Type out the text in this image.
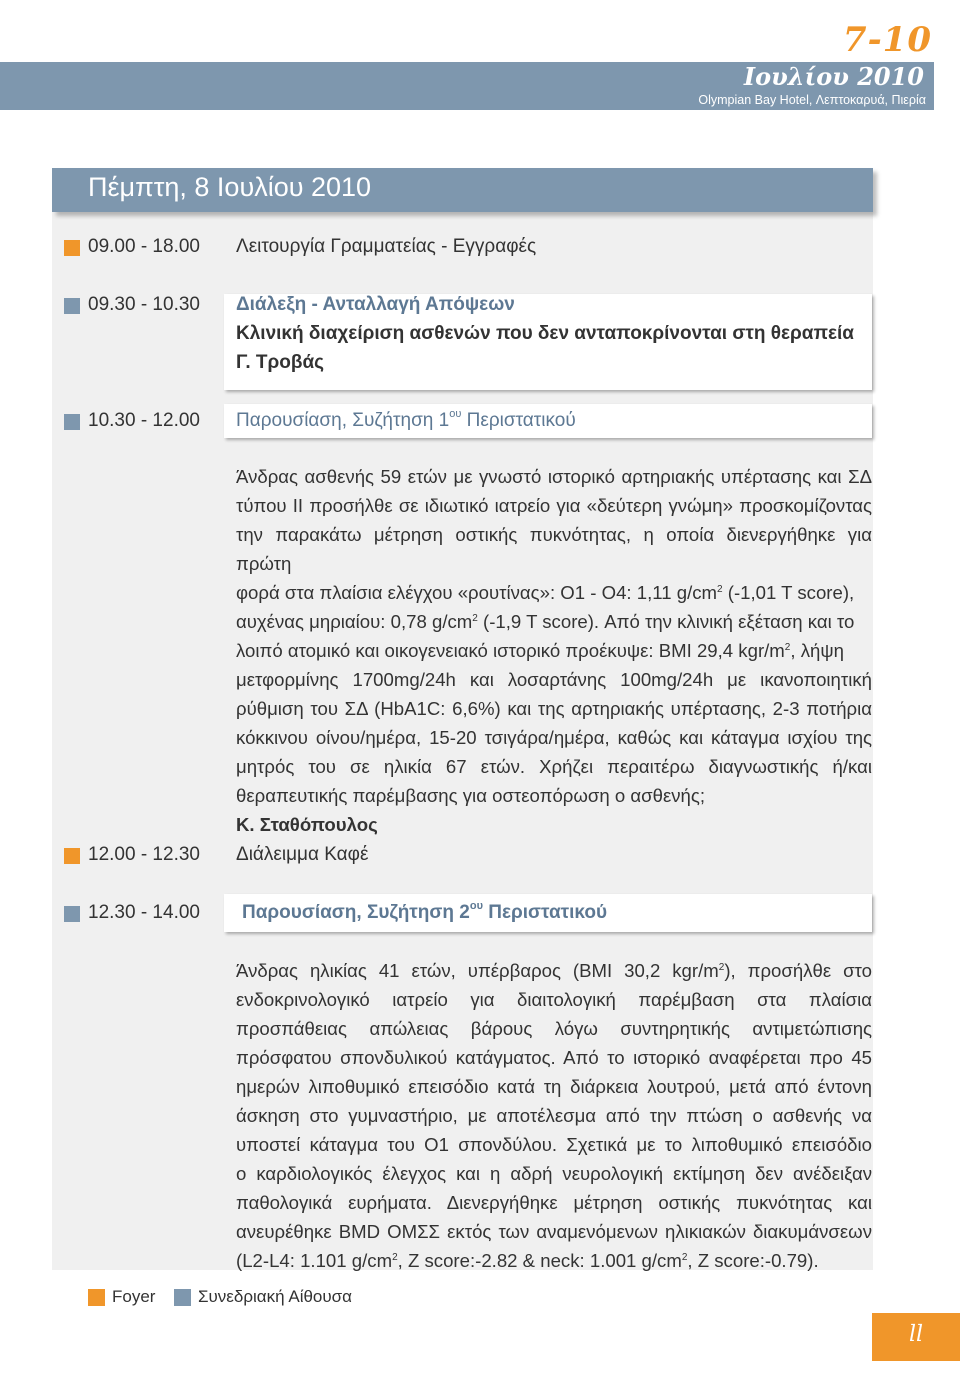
7-10
Ιουλίου 2010
Olympian Bay Hotel, Λεπτοκαρυά, Πιερία
Πέμπτη, 8 Ιουλίου 2010
09.00 - 18.00 Λειτουργία Γραμματείας - Εγγραφές
09.30 - 10.30 Διάλεξη - Ανταλλαγή Απόψεων
Κλινική διαχείριση ασθενών που δεν ανταποκρίνονται στη θεραπεία
Γ. Τροβάς
10.30 - 12.00 Παρουσίαση, Συζήτηση $1^{o\upsilon}$ Περιστατικού
Άνδρας ασθενής 59 ετών με γνωστό ιστορικό αρτηριακής υπέρτασης και ΣΔ
τύπου ΙΙ προσήλθε σε ιδιωτικό ιατρείο για «δεύτερη γνώμη» προσκομίζοντας
την παρακάτω μέτρηση οστικής πυκνότητας, η οποία διενεργήθηκε για πρώτη
φορά στα πλαίσια ελέγχου «ρουτίνας»: Ο1 - Ο4: 1,11 $g/cm^2$ (-1,01 T score),
αυχένας μηριαίου: 0,78 $g/cm^2$ (-1,9 T score). Από την κλινική εξέταση και το
λοιπό ατομικό και οικογενειακό ιστορικό προέκυψε: BMI 29,4 kgr/$m^2$, λήψη
μετφορμίνης 1700mg/24h και λοσαρτάνης 100mg/24h με ικανοποιητική
ρύθμιση του ΣΔ (HbA1C: 6,6%) και της αρτηριακής υπέρτασης, 2-3 ποτήρια
κόκκινου οίνου/ημέρα, 15-20 τσιγάρα/ημέρα, καθώς και κάταγμα ισχίου της
μητρός του σε ηλικία 67 ετών. Χρήζει περαιτέρω διαγνωστικής ή/και
θεραπευτικής παρέμβασης για οστεοπόρωση ο ασθενής;
Κ. Σταθόπουλος
12.00 - 12.30 Διάλειμμα Καφέ
12.30 - 14.00 Παρουσίαση, Συζήτηση $2^{o\upsilon}$ Περιστατικού
Άνδρας ηλικίας 41 ετών, υπέρβαρος (BMI 30,2 kgr/$m^2$), προσήλθε στο
ενδοκρινολογικό ιατρείο για διαιτολογική παρέμβαση στα πλαίσια
προσπάθειας απώλειας βάρους λόγω συντηρητικής αντιμετώπισης
πρόσφατου σπονδυλικού κατάγματος. Από το ιστορικό αναφέρεται προ 45
ημερών λιποθυμικό επεισόδιο κατά τη διάρκεια λουτρού, μετά από έντονη
άσκηση στο γυμναστήριο, με αποτέλεσμα από την πτώση ο ασθενής να
υποστεί κάταγμα του Ο1 σπονδύλου. Σχετικά με το λιποθυμικό επεισόδιο
ο καρδιολογικός έλεγχος και η αδρή νευρολογική εκτίμηση δεν ανέδειξαν
παθολογικά ευρήματα. Διενεργήθηκε μέτρηση οστικής πυκνότητας και
ανευρέθηκε BMD ΟΜΣΣ εκτός των αναμενόμενων ηλικιακών διακυμάνσεων
(L2-L4: 1.101 $g/cm^2$, Z score:-2.82 & neck: 1.001 $g/cm^2$, Z score:-0.79).
Foyer	Συνεδριακή Αίθουσα
ll
